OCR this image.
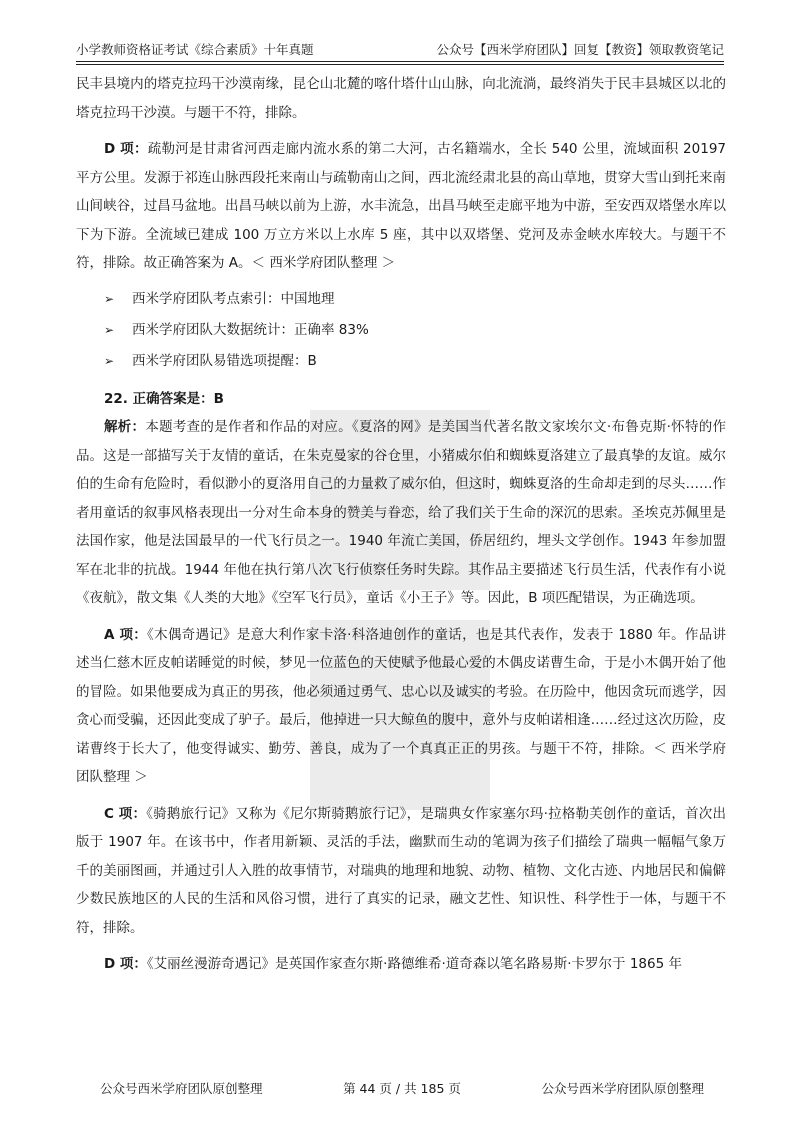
小学教师资格证考试《综合素质》十年真题	公众号【西米学府团队】回复【教资】领取教资笔记

民丰县境内的塔克拉玛干沙漠南缘，昆仑山北麓的喀什塔什山山脉，向北流淌，最终消失于民丰县城区以北的塔克拉玛干沙漠。与题干不符，排除。

D 项：疏勒河是甘肃省河西走廊内流水系的第二大河，古名籍端水，全长 540 公里，流域面积 20197 平方公里。发源于祁连山脉西段托来南山与疏勒南山之间，西北流经肃北县的高山草地，贯穿大雪山到托来南山间峡谷，过昌马盆地。出昌马峡以前为上游，水丰流急，出昌马峡至走廊平地为中游，至安西双塔堡水库以下为下游。全流域已建成 100 万立方米以上水库 5 座，其中以双塔堡、党河及赤金峡水库较大。与题干不符，排除。故正确答案为 A。＜ 西米学府团队整理 ＞

➢	西米学府团队考点索引：中国地理
➢	西米学府团队大数据统计：正确率 83%
➢	西米学府团队易错选项提醒：B
22. 正确答案是：B

解析：本题考查的是作者和作品的对应。《夏洛的网》是美国当代著名散文家埃尔文·布鲁克斯·怀特的作品。这是一部描写关于友情的童话，在朱克曼家的谷仓里，小猪威尔伯和蜘蛛夏洛建立了最真挚的友谊。威尔伯的生命有危险时，看似渺小的夏洛用自己的力量救了威尔伯，但这时，蜘蛛夏洛的生命却走到的尽头……作者用童话的叙事风格表现出一分对生命本身的赞美与眷恋，给了我们关于生命的深沉的思索。圣埃克苏佩里是法国作家，他是法国最早的一代飞行员之一。1940 年流亡美国，侨居纽约，埋头文学创作。1943 年参加盟军在北非的抗战。1944 年他在执行第八次飞行侦察任务时失踪。其作品主要描述飞行员生活，代表作有小说《夜航》，散文集《人类的大地》《空军飞行员》，童话《小王子》等。因此，B 项匹配错误，为正确选项。

A 项：《木偶奇遇记》是意大利作家卡洛·科洛迪创作的童话，也是其代表作，发表于 1880 年。作品讲述当仁慈木匠皮帕诺睡觉的时候，梦见一位蓝色的天使赋予他最心爱的木偶皮诺曹生命，于是小木偶开始了他的冒险。如果他要成为真正的男孩，他必须通过勇气、忠心以及诚实的考验。在历险中，他因贪玩而逃学，因贪心而受骗，还因此变成了驴子。最后，他掉进一只大鲸鱼的腹中，意外与皮帕诺相逢……经过这次历险，皮诺曹终于长大了，他变得诚实、勤劳、善良，成为了一个真真正正的男孩。与题干不符，排除。＜ 西米学府团队整理 ＞

C 项：《骑鹅旅行记》又称为《尼尔斯骑鹅旅行记》，是瑞典女作家塞尔玛·拉格勒芙创作的童话，首次出版于 1907 年。在该书中，作者用新颖、灵活的手法，幽默而生动的笔调为孩子们描绘了瑞典一幅幅气象万千的美丽图画，并通过引人入胜的故事情节，对瑞典的地理和地貌、动物、植物、文化古迹、内地居民和偏僻少数民族地区的人民的生活和风俗习惯，进行了真实的记录，融文艺性、知识性、科学性于一体，与题干不符，排除。

D 项：《艾丽丝漫游奇遇记》是英国作家查尔斯·路德维希·道奇森以笔名路易斯·卡罗尔于 1865 年

公众号西米学府团队原创整理	第 44 页 / 共 185 页	公众号西米学府团队原创整理
